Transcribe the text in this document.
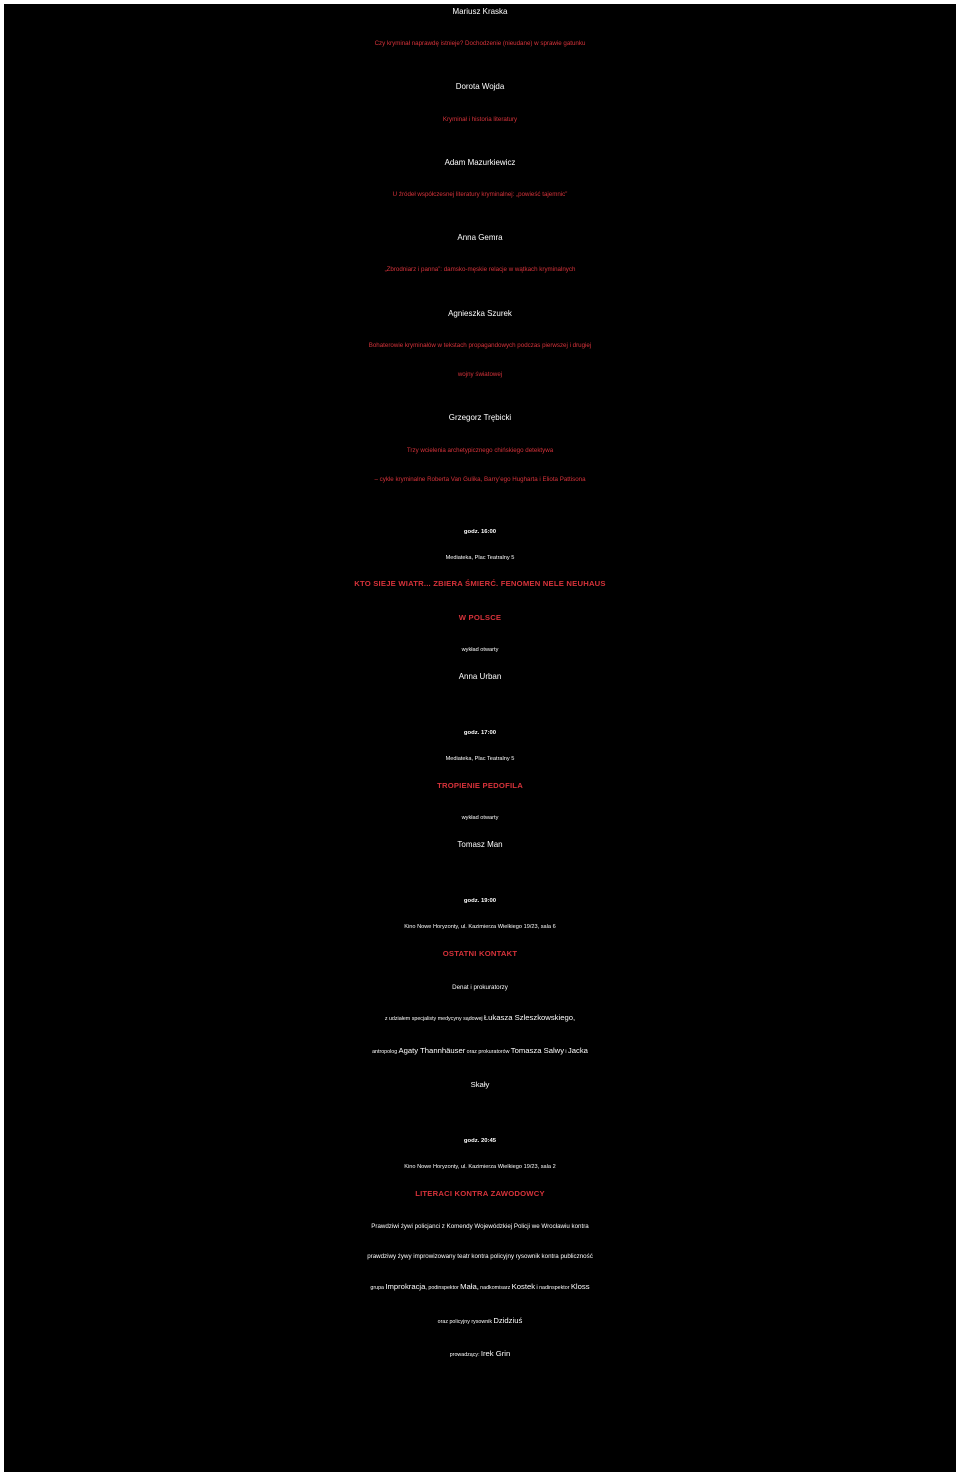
Mariusz Kraska
Czy kryminał naprawdę istnieje? Dochodzenie (nieudane) w sprawie gatunku
Dorota Wojda
Kryminał i historia literatury
Adam Mazurkiewicz
U źródeł współczesnej literatury kryminalnej: „powieść tajemnic”
Anna Gemra
„Zbrodniarz i panna”: damsko-męskie relacje w wątkach kryminalnych
Agnieszka Szurek
Bohaterowie kryminałów w tekstach propagandowych podczas pierwszej i drugiej
wojny światowej
Grzegorz Trębicki
Trzy wcielenia archetypicznego chińskiego detektywa
– cykle kryminalne Roberta Van Gulika, Barry’ego Hugharta i Eliota Pattisona
godz. 16:00
Mediateka, Plac Teatralny 5
KTO SIEJE WIATR... ZBIERA ŚMIERĆ. FENOMEN NELE NEUHAUS
W POLSCE
wykład otwarty
Anna Urban
godz. 17:00
Mediateka, Plac Teatralny 5
TROPIENIE PEDOFILA
wykład otwarty
Tomasz Man
godz. 19:00
Kino Nowe Horyzonty, ul. Kazimierza Wielkiego 19/23, sala 6
OSTATNI KONTAKT
Denat i prokuratorzy
z udziałem specjalisty medycyny sądowej Łukasza Szleszkowskiego,
antropolog Agaty Thannhäuser oraz prokuratorów Tomasza Salwy i Jacka
Skały
godz. 20:45
Kino Nowe Horyzonty, ul. Kazimierza Wielkiego 19/23, sala 2
LITERACI KONTRA ZAWODOWCY
Prawdziwi żywi policjanci z Komendy Wojewódzkiej Policji we Wrocławiu kontra
prawdziwy żywy improwizowany teatr kontra policyjny rysownik kontra publiczność
grupa Improkracja, podinspektor Mała, nadkomisarz Kostek i nadinspektor Kloss
oraz policyjny rysownik Dzidziuś
prowadzący: Irek Grin
